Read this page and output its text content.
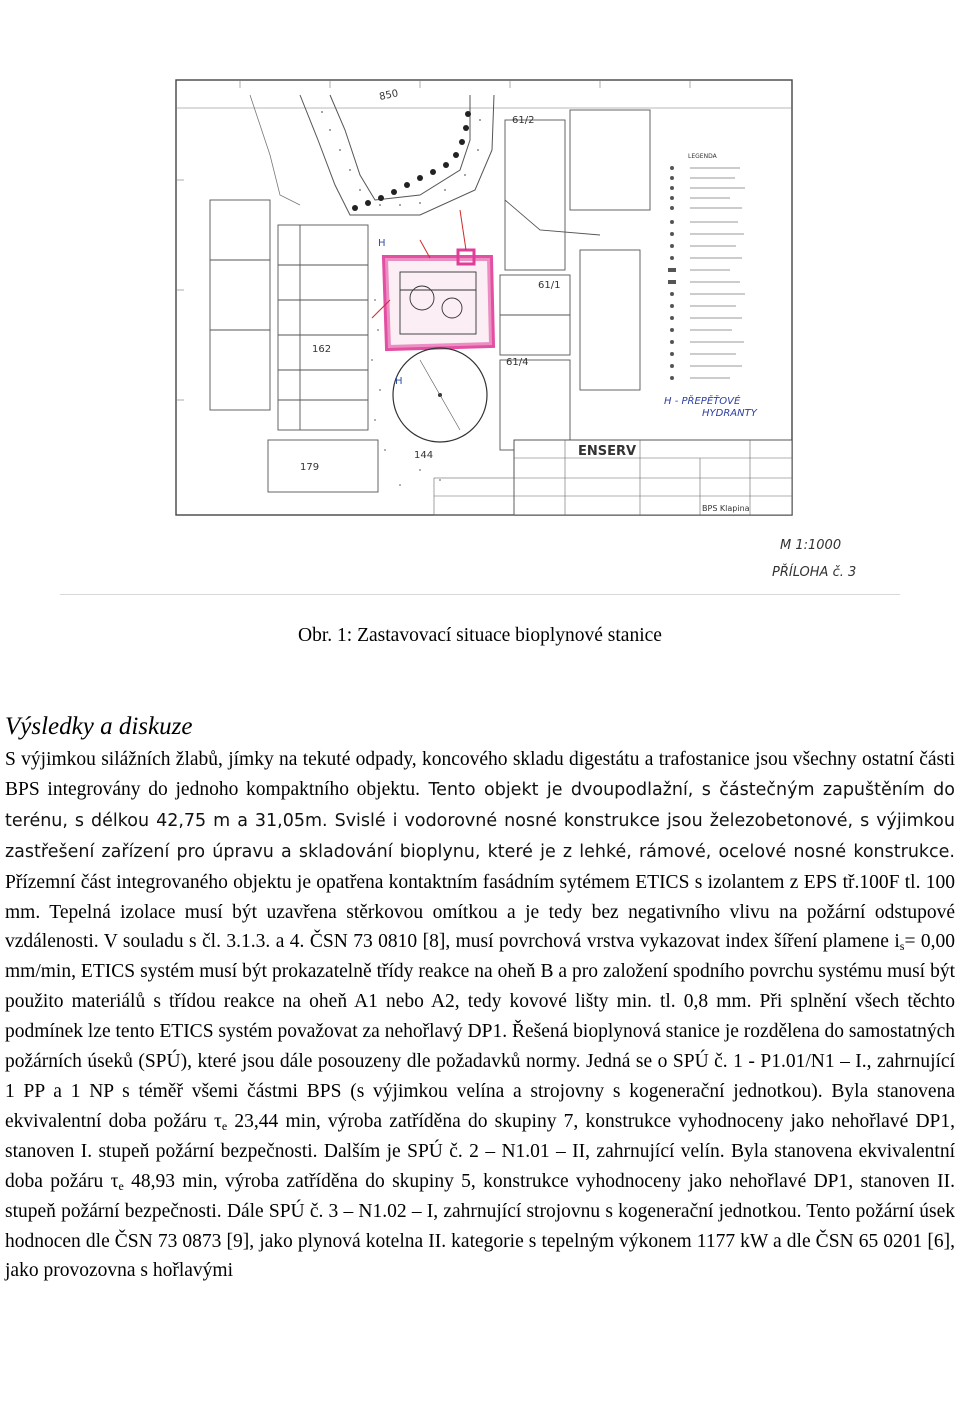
H
H
850
61/2
61/1
61/4
162
179
144
LEGENDA
H - PŘEPĚŤOVÉ
HYDRANTY
ENSERV
BPS Klapina
M 1:1000
PŘÍLOHA č. 3
Obr. 1: Zastavovací situace bioplynové stanice
Výsledky a diskuze

S výjimkou silážních žlabů, jímky na tekuté odpady, koncového skladu digestátu a trafostanice jsou všechny ostatní části BPS integrovány do jednoho kompaktního objektu. Tento objekt je dvoupodlažní, s částečným zapuštěním do terénu, s délkou 42,75 m a 31,05m. Svislé i vodorovné nosné konstrukce jsou železobetonové, s výjimkou zastřešení zařízení pro úpravu a skladování bioplynu, které je z lehké, rámové, ocelové nosné konstrukce. Přízemní část integrovaného objektu je opatřena kontaktním fasádním sytémem ETICS s izolantem z EPS tř.100F tl. 100 mm. Tepelná izolace musí být uzavřena stěrkovou omítkou a je tedy bez negativního vlivu na požární odstupové vzdálenosti. V souladu s čl. 3.1.3. a 4. ČSN 73 0810 [8], musí povrchová vrstva vykazovat index šíření plamene $i_s= 0,00$ mm/min, ETICS systém musí být prokazatelně třídy reakce na oheň B a pro založení spodního povrchu systému musí být použito materiálů s třídou reakce na oheň A1 nebo A2, tedy kovové lišty min. tl. 0,8 mm. Při splnění všech těchto podmínek lze tento ETICS systém považovat za nehořlavý DP1. Řešená bioplynová stanice je rozdělena do samostatných požárních úseků (SPÚ), které jsou dále posouzeny dle požadavků normy. Jedná se o SPÚ č. 1 - P1.01/N1 – I., zahrnující 1 PP a 1 NP s téměř všemi částmi BPS (s výjimkou velína a strojovny s kogenerační jednotkou). Byla stanovena ekvivalentní doba požáru $\tau_e$ 23,44 min, výroba zatříděna do skupiny 7, konstrukce vyhodnoceny jako nehořlavé DP1, stanoven I. stupeň požární bezpečnosti. Dalším je SPÚ č. 2 – N1.01 – II, zahrnující velín. Byla stanovena ekvivalentní doba požáru $\tau_e$ 48,93 min, výroba zatříděna do skupiny 5, konstrukce vyhodnoceny jako nehořlavé DP1, stanoven II. stupeň požární bezpečnosti. Dále SPÚ č. 3 – N1.02 – I, zahrnující strojovnu s kogenerační jednotkou. Tento požární úsek hodnocen dle ČSN 73 0873 [9], jako plynová kotelna II. kategorie s tepelným výkonem 1177 kW a dle ČSN 65 0201 [6], jako provozovna s hořlavými
